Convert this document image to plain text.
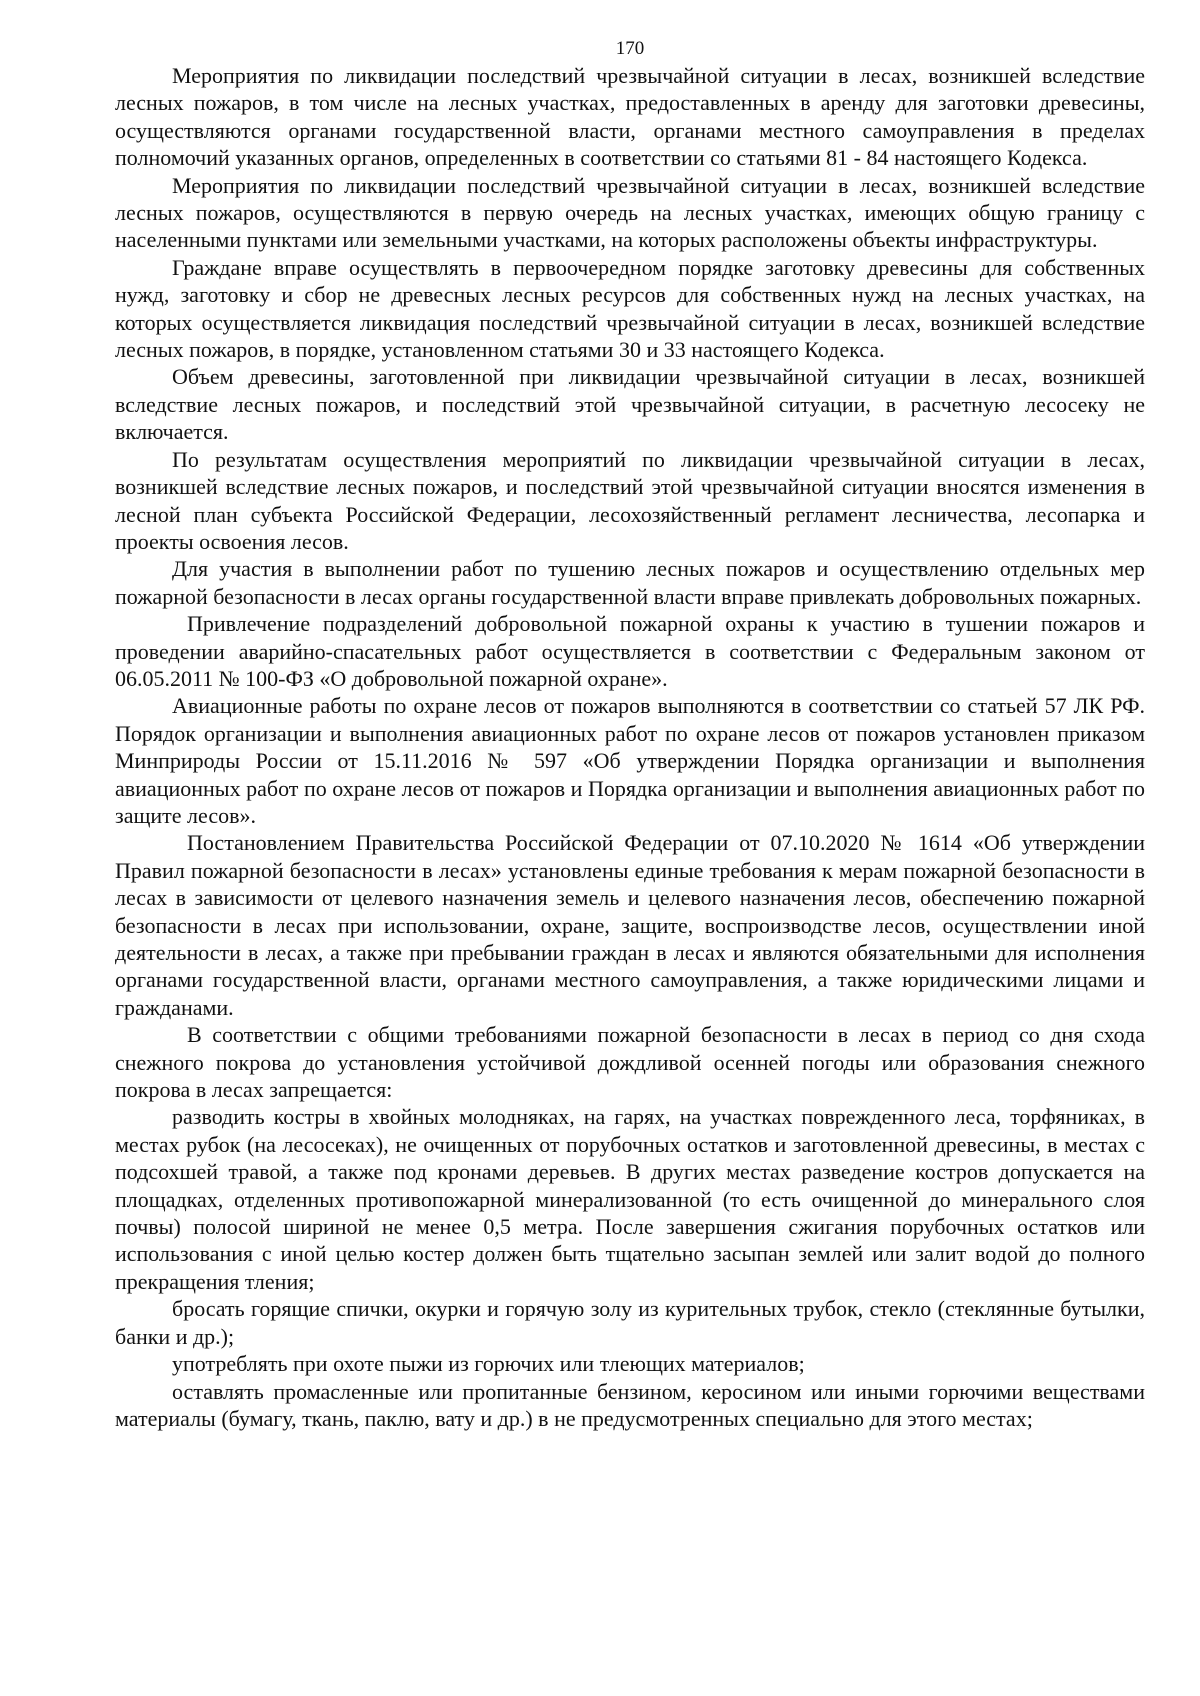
170

Мероприятия по ликвидации последствий чрезвычайной ситуации в лесах, возникшей вследствие лесных пожаров, в том числе на лесных участках, предоставленных в аренду для заготовки древесины, осуществляются органами государственной власти, органами местного самоуправления в пределах полномочий указанных органов, определенных в соответствии со статьями 81 - 84 настоящего Кодекса.

Мероприятия по ликвидации последствий чрезвычайной ситуации в лесах, возникшей вследствие лесных пожаров, осуществляются в первую очередь на лесных участках, имеющих общую границу с населенными пунктами или земельными участками, на которых расположены объекты инфраструктуры.

Граждане вправе осуществлять в первоочередном порядке заготовку древесины для собственных нужд, заготовку и сбор не древесных лесных ресурсов для собственных нужд на лесных участках, на которых осуществляется ликвидация последствий чрезвычайной ситуации в лесах, возникшей вследствие лесных пожаров, в порядке, установленном статьями 30 и 33 настоящего Кодекса.

Объем древесины, заготовленной при ликвидации чрезвычайной ситуации в лесах, возникшей вследствие лесных пожаров, и последствий этой чрезвычайной ситуации, в расчетную лесосеку не включается.

По результатам осуществления мероприятий по ликвидации чрезвычайной ситуации в лесах, возникшей вследствие лесных пожаров, и последствий этой чрезвычайной ситуации вносятся изменения в лесной план субъекта Российской Федерации, лесохозяйственный регламент лесничества, лесопарка и проекты освоения лесов.

Для участия в выполнении работ по тушению лесных пожаров и осуществлению отдельных мер пожарной безопасности в лесах органы государственной власти вправе привлекать добровольных пожарных.

Привлечение подразделений добровольной пожарной охраны к участию в тушении пожаров и проведении аварийно-спасательных работ осуществляется в соответствии с Федеральным законом от 06.05.2011 № 100-ФЗ «О добровольной пожарной охране».

Авиационные работы по охране лесов от пожаров выполняются в соответствии со статьей 57 ЛК РФ. Порядок организации и выполнения авиационных работ по охране лесов от пожаров установлен приказом Минприроды России от 15.11.2016 № 597 «Об утверждении Порядка организации и выполнения авиационных работ по охране лесов от пожаров и Порядка организации и выполнения авиационных работ по защите лесов».

Постановлением Правительства Российской Федерации от 07.10.2020 № 1614 «Об утверждении Правил пожарной безопасности в лесах» установлены единые требования к мерам пожарной безопасности в лесах в зависимости от целевого назначения земель и целевого назначения лесов, обеспечению пожарной безопасности в лесах при использовании, охране, защите, воспроизводстве лесов, осуществлении иной деятельности в лесах, а также при пребывании граждан в лесах и являются обязательными для исполнения органами государственной власти, органами местного самоуправления, а также юридическими лицами и гражданами.

В соответствии с общими требованиями пожарной безопасности в лесах в период со дня схода снежного покрова до установления устойчивой дождливой осенней погоды или образования снежного покрова в лесах запрещается:

разводить костры в хвойных молодняках, на гарях, на участках поврежденного леса, торфяниках, в местах рубок (на лесосеках), не очищенных от порубочных остатков и заготовленной древесины, в местах с подсохшей травой, а также под кронами деревьев. В других местах разведение костров допускается на площадках, отделенных противопожарной минерализованной (то есть очищенной до минерального слоя почвы) полосой шириной не менее 0,5 метра. После завершения сжигания порубочных остатков или использования с иной целью костер должен быть тщательно засыпан землей или залит водой до полного прекращения тления;

бросать горящие спички, окурки и горячую золу из курительных трубок, стекло (стеклянные бутылки, банки и др.);

употреблять при охоте пыжи из горючих или тлеющих материалов;

оставлять промасленные или пропитанные бензином, керосином или иными горючими веществами материалы (бумагу, ткань, паклю, вату и др.) в не предусмотренных специально для этого местах;
